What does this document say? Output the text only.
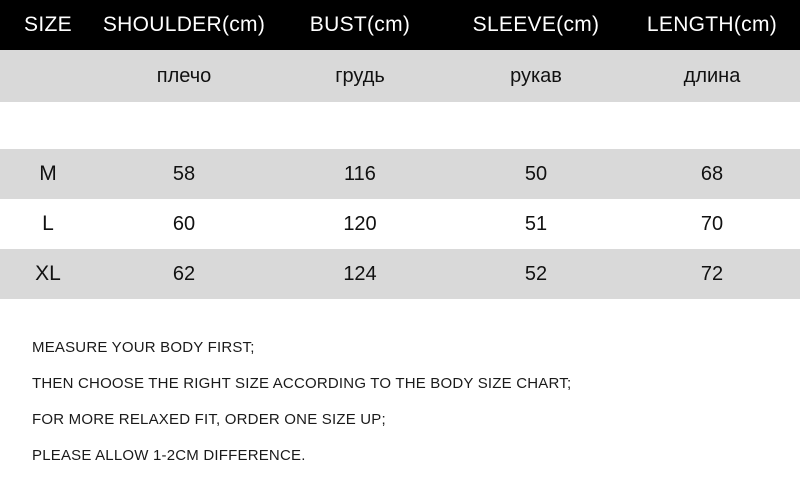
SIZE	SHOULDER(cm)	BUST(cm)	SLEEVE(cm)	LENGTH(cm)
	плечо	грудь	рукав	длина

M	58	116	50	68
L	60	120	51	70
XL	62	124	52	72
MEASURE YOUR BODY FIRST;
THEN CHOOSE THE RIGHT SIZE ACCORDING TO THE BODY SIZE CHART;
FOR MORE RELAXED FIT, ORDER ONE SIZE UP;
PLEASE ALLOW 1-2CM DIFFERENCE.
